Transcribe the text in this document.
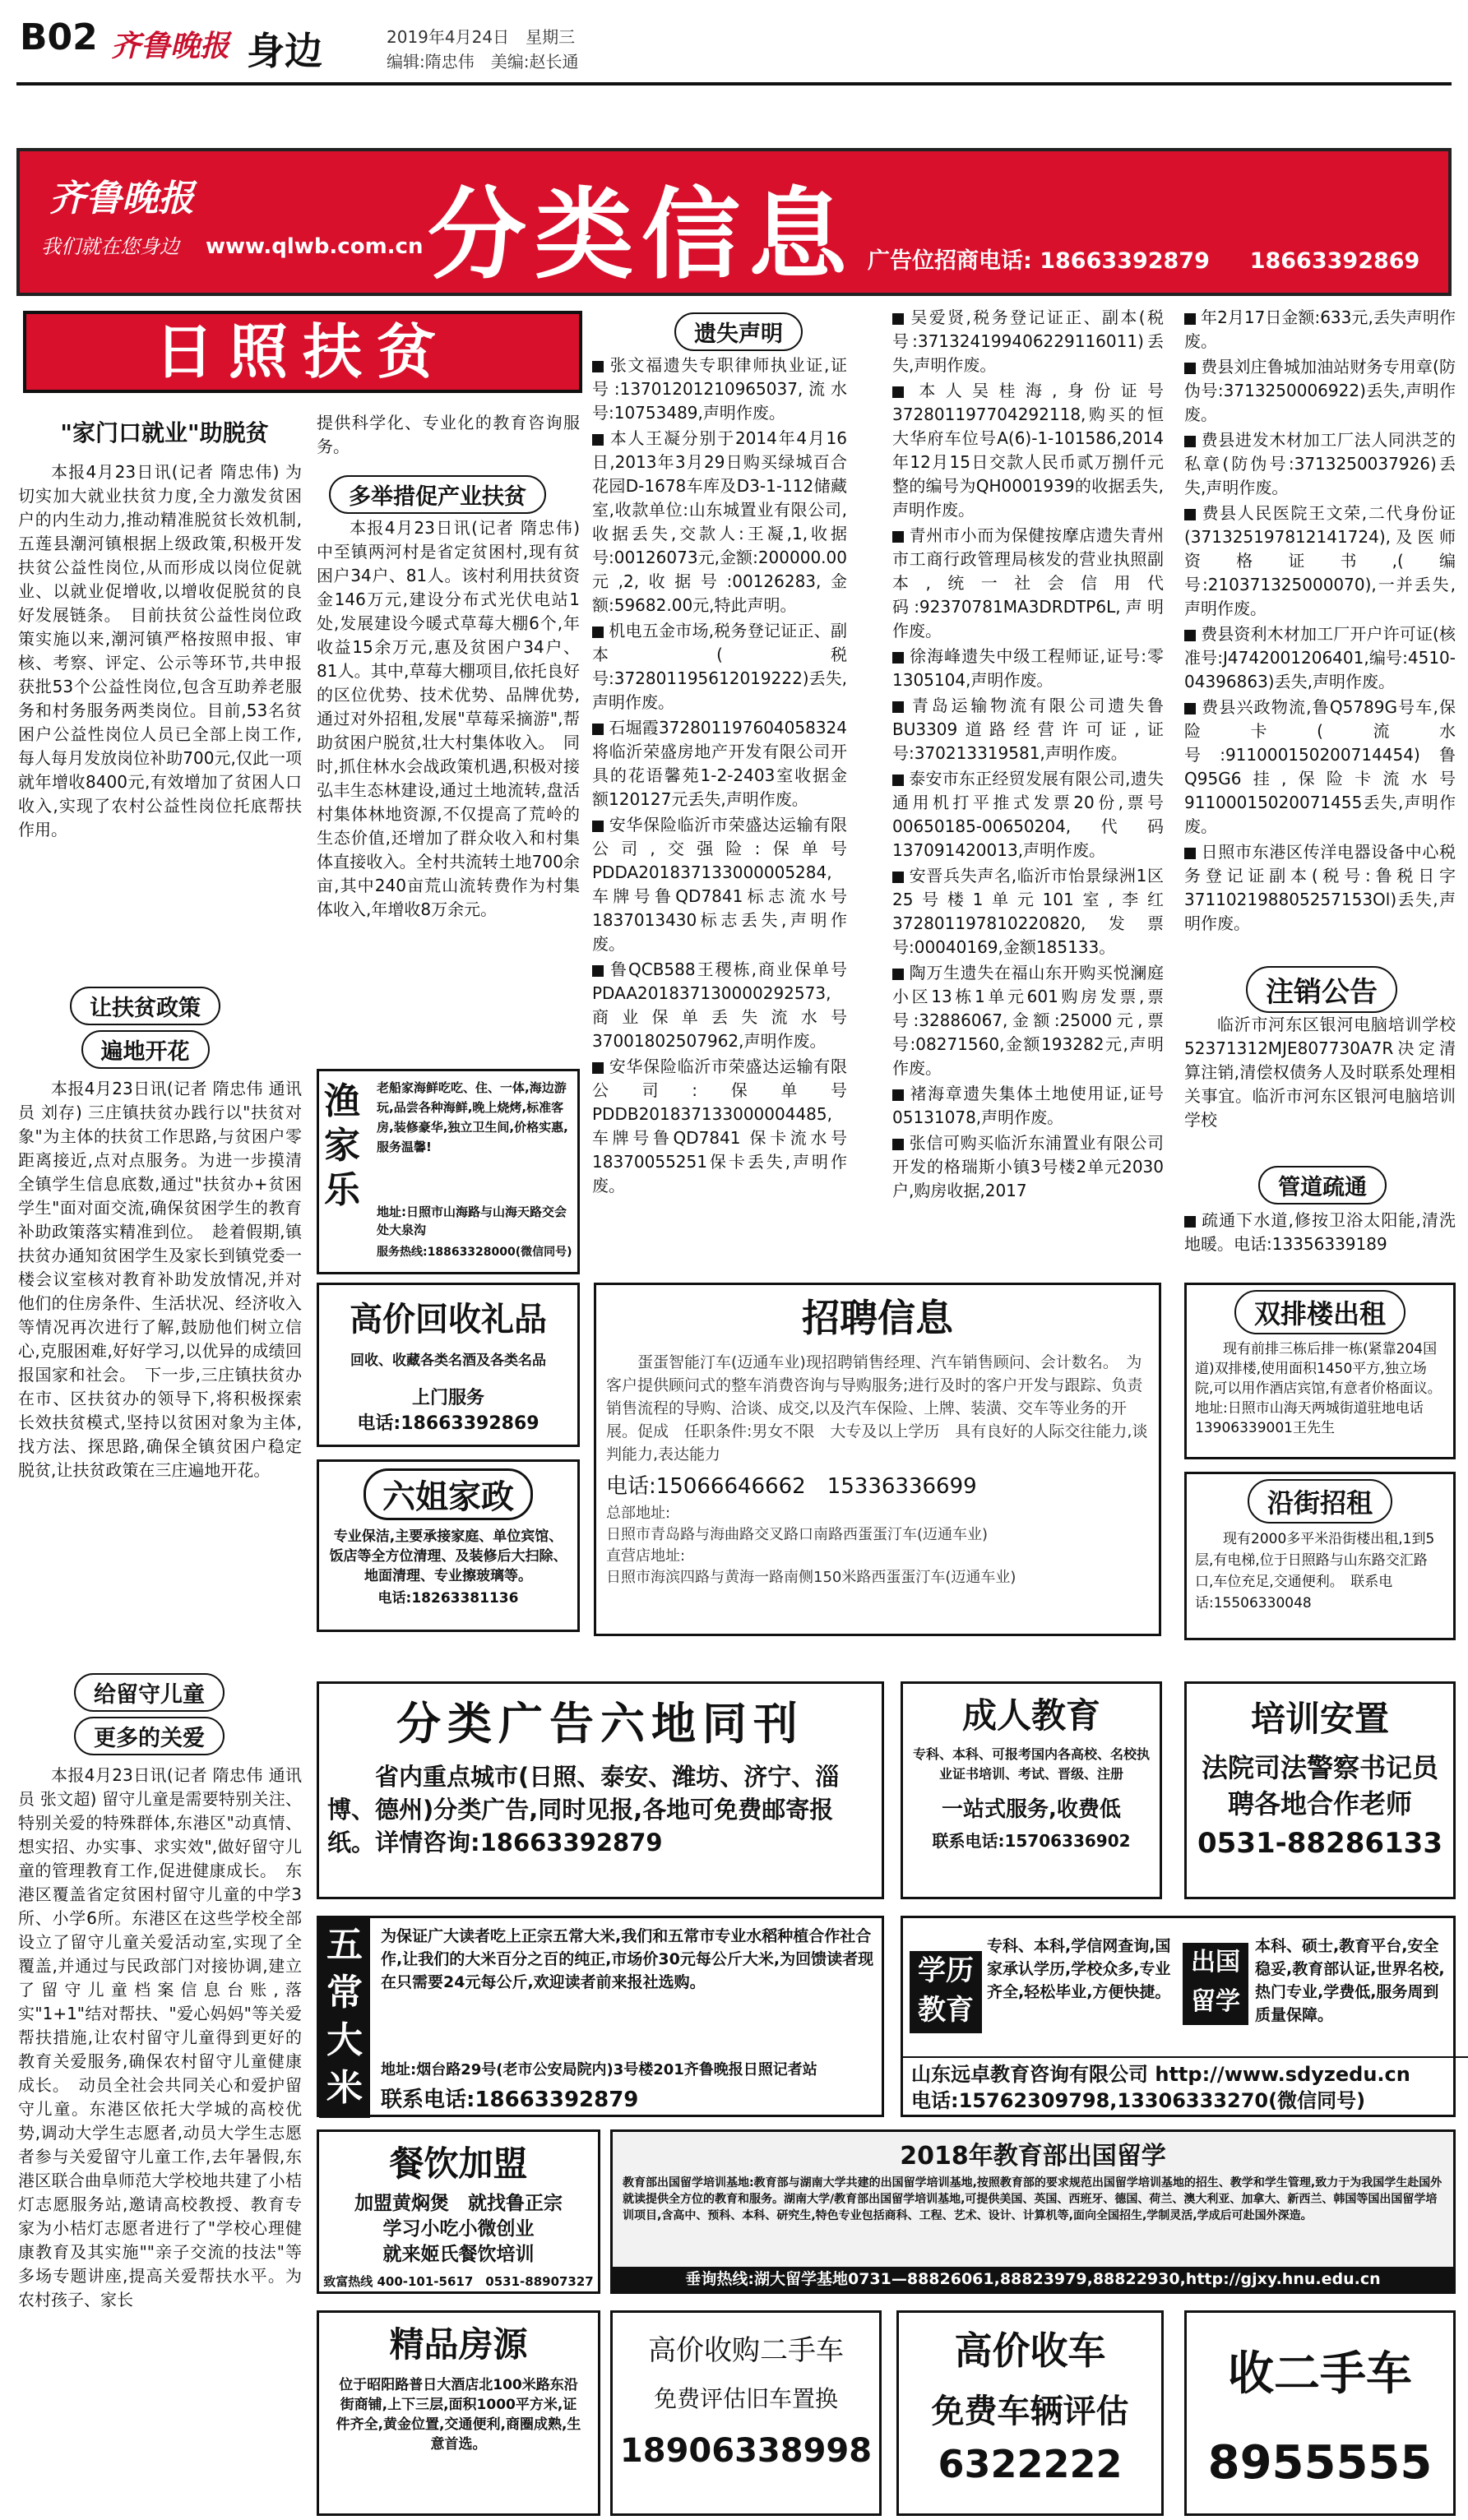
B02 齐鲁晚报 身边	2019年4月24日　星期三
编辑:隋忠伟　美编:赵长通
齐鲁晚报
我们就在您身边 www.qlwb.com.cn 分类信息 广告位招商电话: 18663392879 18663392869
日照扶贫
"家门口就业"助脱贫

本报4月23日讯(记者 隋忠伟) 为切实加大就业扶贫力度,全力激发贫困户的内生动力,推动精准脱贫长效机制,五莲县潮河镇根据上级政策,积极开发扶贫公益性岗位,从而形成以岗位促就业、以就业促增收,以增收促脱贫的良好发展链条。　目前扶贫公益性岗位政策实施以来,潮河镇严格按照申报、审核、考察、评定、公示等环节,共申报获批53个公益性岗位,包含互助养老服务和村务服务两类岗位。目前,53名贫困户公益性岗位人员已全部上岗工作,每人每月发放岗位补助700元,仅此一项就年增收8400元,有效增加了贫困人口收入,实现了农村公益性岗位托底帮扶作用。

让扶贫政策
遍地开花

本报4月23日讯(记者 隋忠伟 通讯员 刘存) 三庄镇扶贫办践行以"扶贫对象"为主体的扶贫工作思路,与贫困户零距离接近,点对点服务。为进一步摸清全镇学生信息底数,通过"扶贫办+贫困学生"面对面交流,确保贫困学生的教育补助政策落实精准到位。　趁着假期,镇扶贫办通知贫困学生及家长到镇党委一楼会议室核对教育补助发放情况,并对他们的住房条件、生活状况、经济收入等情况再次进行了解,鼓励他们树立信心,克服困难,好好学习,以优异的成绩回报国家和社会。　下一步,三庄镇扶贫办在市、区扶贫办的领导下,将积极探索长效扶贫模式,坚持以贫困对象为主体,找方法、探思路,确保全镇贫困户稳定脱贫,让扶贫政策在三庄遍地开花。

给留守儿童
更多的关爱

本报4月23日讯(记者 隋忠伟 通讯员 张文超) 留守儿童是需要特别关注、特别关爱的特殊群体,东港区"动真情、想实招、办实事、求实效",做好留守儿童的管理教育工作,促进健康成长。　东港区覆盖省定贫困村留守儿童的中学3所、小学6所。东港区在这些学校全部设立了留守儿童关爱活动室,实现了全覆盖,并通过与民政部门对接协调,建立了留守儿童档案信息台账,落实"1+1"结对帮扶、"爱心妈妈"等关爱帮扶措施,让农村留守儿童得到更好的教育关爱服务,确保农村留守儿童健康成长。　动员全社会共同关心和爱护留守儿童。东港区依托大学城的高校优势,调动大学生志愿者,动员大学生志愿者参与关爱留守儿童工作,去年暑假,东港区联合曲阜师范大学校地共建了小桔灯志愿服务站,邀请高校教授、教育专家为小桔灯志愿者进行了"学校心理健康教育及其实施""亲子交流的技法"等多场专题讲座,提高关爱帮扶水平。为农村孩子、家长

提供科学化、专业化的教育咨询服务。
多举措促产业扶贫

本报4月23日讯(记者 隋忠伟) 中至镇两河村是省定贫困村,现有贫困户34户、81人。该村利用扶贫资金146万元,建设分布式光伏电站1处,发展建设今暖式草莓大棚6个,年收益15余万元,惠及贫困户34户、81人。其中,草莓大棚项目,依托良好的区位优势、技术优势、品牌优势,通过对外招租,发展"草莓采摘游",帮助贫困户脱贫,壮大村集体收入。　同时,抓住林水会战政策机遇,积极对接弘丰生态林建设,通过土地流转,盘活村集体林地资源,不仅提高了荒岭的生态价值,还增加了群众收入和村集体直接收入。全村共流转土地700余亩,其中240亩荒山流转费作为村集体收入,年增收8万余元。

渔家乐
老船家海鲜吃吃、住、一体,海边游玩,品尝各种海鲜,晚上烧烤,标准客房,装修豪华,独立卫生间,价格实惠,服务温馨!
地址:日照市山海路与山海天路交会处大泉沟
服务热线:18863328000(微信同号)
高价回收礼品
回收、收藏各类名酒及各类名品
上门服务
电话:18663392869
六姐家政
专业保洁,主要承接家庭、单位宾馆、饭店等全方位清理、及装修后大扫除、地面清理、专业擦玻璃等。
电话:18263381136
遗失声明
张文福遗失专职律师执业证,证号:13701201210965037,流水号:10753489,声明作废。
本人王凝分别于2014年4月16日,2013年3月29日购买绿城百合花园D-1678车库及D3-1-112储藏室,收款单位:山东城置业有限公司,收据丢失,交款人:王凝,1,收据号:00126073元,金额:200000.00元,2,收据号:00126283,金额:59682.00元,特此声明。
机电五金市场,税务登记证正、副本(税号:372801195612019222)丢失,声明作废。
石堀霞372801197604058324将临沂荣盛房地产开发有限公司开具的花语馨苑1-2-2403室收据金额120127元丢失,声明作废。
安华保险临沂市荣盛达运输有限公司,交强险:保单号PDDA201837133000005284,车牌号鲁QD7841标志流水号1837013430标志丢失,声明作废。
鲁QCB588王稷栋,商业保单号PDAA201837130000292573,商业保单丢失流水号37001802507962,声明作废。
安华保险临沂市荣盛达运输有限公司:保单号PDDB201837133000004485,车牌号鲁QD7841 保卡流水号18370055251保卡丢失,声明作废。
吴爱贤,税务登记证正、副本(税号:371324199406229116011)丢失,声明作废。
本人吴桂海,身份证号372801197704292118,购买的恒大华府车位号A(6)-1-101586,2014年12月15日交款人民币贰万捌仟元整的编号为QH0001939的收据丢失,声明作废。
青州市小而为保健按摩店遗失青州市工商行政管理局核发的营业执照副本,统一社会信用代码:92370781MA3DRDTP6L,声明作废。
徐海峰遗失中级工程师证,证号:零1305104,声明作废。
青岛运输物流有限公司遗失鲁BU3309道路经营许可证,证号:370213319581,声明作废。
泰安市东正经贸发展有限公司,遗失通用机打平推式发票20份,票号00650185-00650204,代码137091420013,声明作废。
安晋兵失声名,临沂市怡景绿洲1区25号楼1单元101室,李红372801197810220820,发票号:00040169,金额185133。
陶万生遗失在福山东开购买悦澜庭小区13栋1单元601购房发票,票号:32886067,金额:25000元,票号:08271560,金额193282元,声明作废。
褚海章遗失集体土地使用证,证号05131078,声明作废。
张信可购买临沂东浦置业有限公司开发的格瑞斯小镇3号楼2单元2030户,购房收据,2017
年2月17日金额:633元,丢失声明作废。
费县刘庄鲁城加油站财务专用章(防伪号:3713250006922)丢失,声明作废。
费县进发木材加工厂法人同洪芝的私章(防伪号:3713250037926)丢失,声明作废。
费县人民医院王文荣,二代身份证(371325197812141724),及医师资格证书,(编号:210371325000070),一并丢失,声明作废。
费县资利木材加工厂开户许可证(核准号:J4742001206401,编号:4510-04396863)丢失,声明作废。
费县兴政物流,鲁Q5789G号车,保险卡(流水号:911000150200714454)鲁Q95G6挂,保险卡流水号91100015020071455丢失,声明作废。
日照市东港区传洋电器设备中心税务登记证副本(税号:鲁税日字371102198805257153Ol)丢失,声明作废。
注销公告

临沂市河东区银河电脑培训学校52371312MJE807730A7R决定清算注销,清偿权债务人及时联系处理相关事宜。临沂市河东区银河电脑培训学校

管道疏通
疏通下水道,修按卫浴太阳能,清洗地暖。电话:13356339189
招聘信息
蛋蛋智能汀车(迈通车业)现招聘销售经理、汽车销售顾问、会计数名。　为客户提供顾问式的整车消费咨询与导购服务;进行及时的客户开发与跟踪、负责销售流程的导购、洽谈、成交,以及汽车保险、上牌、装潢、交车等业务的开展。促成　任职条件:男女不限　大专及以上学历　具有良好的人际交往能力,谈判能力,表达能力
电话:15066646662　15336336699
总部地址:
日照市青岛路与海曲路交叉路口南路西蛋蛋汀车(迈通车业)
直营店地址:
日照市海滨四路与黄海一路南侧150米路西蛋蛋汀车(迈通车业)
双排楼出租
现有前排三栋后排一栋(紧靠204国道)双排楼,使用面积1450平方,独立场院,可以用作酒店宾馆,有意者价格面议。地址:日照市山海天两城街道驻地电话13906339001王先生
沿街招租
现有2000多平米沿街楼出租,1到5层,有电梯,位于日照路与山东路交汇路口,车位充足,交通便利。　联系电话:15506330048
分类广告六地同刊
省内重点城市(日照、泰安、潍坊、济宁、淄博、德州)分类广告,同时见报,各地可免费邮寄报纸。详情咨询:18663392879
成人教育
专科、本科、可报考国内各高校、名校执业证书培训、考试、晋级、注册
一站式服务,收费低
联系电话:15706336902
培训安置
法院司法警察书记员聘各地合作老师
0531-88286133
五常大米
为保证广大读者吃上正宗五常大米,我们和五常市专业水稻种植合作社合作,让我们的大米百分之百的纯正,市场价30元每公斤大米,为回馈读者现在只需要24元每公斤,欢迎读者前来报社选购。
地址:烟台路29号(老市公安局院内)3号楼201齐鲁晚报日照记者站
联系电话:18663392879
学历教育
专科、本科,学信网查询,国家承认学历,学校众多,专业齐全,轻松毕业,方便快捷。
出国留学
本科、硕士,教育平台,安全稳妥,教育部认证,世界名校,热门专业,学费低,服务周到质量保障。
山东远卓教育咨询有限公司 http://www.sdyzedu.cn
电话:15762309798,13306333270(微信同号)
餐饮加盟
加盟黄焖煲　就找鲁正宗
学习小吃小微创业
就来姬氏餐饮培训
致富热线 400-101-5617　0531-88907327
2018年教育部出国留学
教育部出国留学培训基地:教育部与湖南大学共建的出国留学培训基地,按照教育部的要求规范出国留学培训基地的招生、教学和学生管理,致力于为我国学生赴国外就读提供全方位的教育和服务。湖南大学/教育部出国留学培训基地,可提供美国、英国、西班牙、德国、荷兰、澳大利亚、加拿大、新西兰、韩国等国出国留学培训项目,含高中、预科、本科、研究生,特色专业包括商科、工程、艺术、设计、计算机等,面向全国招生,学制灵活,学成后可赴国外深造。
垂询热线:湖大留学基地0731—88826061,88823979,88822930,http://gjxy.hnu.edu.cn
精品房源
位于昭阳路普日大酒店北100米路东沿街商铺,上下三层,面积1000平方米,证件齐全,黄金位置,交通便利,商圈成熟,生意首选。
高价收购二手车
免费评估旧车置换
18906338998
高价收车
免费车辆评估
6322222
收二手车
8955555
